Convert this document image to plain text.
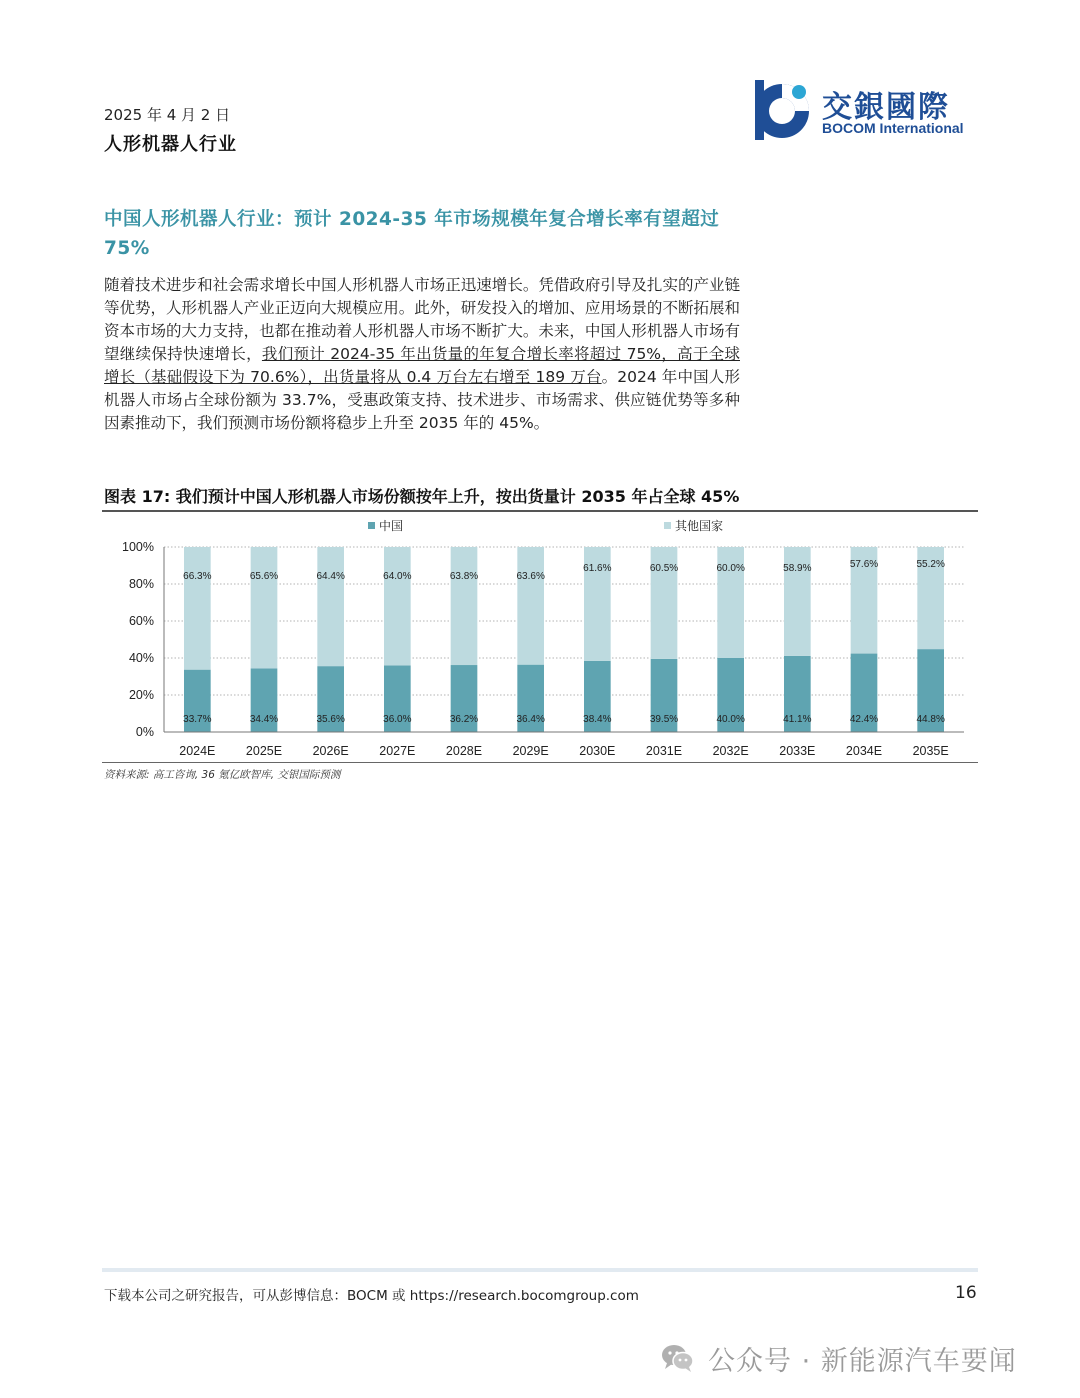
2025 年 4 月 2 日
人形机器人行业
交銀國際
BOCOM International
中国人形机器人行业：预计 2024-35 年市场规模年复合增长率有望超过 75%
随着技术进步和社会需求增长中国人形机器人市场正迅速增长。凭借政府引导及扎实的产业链等优势，人形机器人产业正迈向大规模应用。此外，研发投入的增加、应用场景的不断拓展和资本市场的大力支持，也都在推动着人形机器人市场不断扩大。未来，中国人形机器人市场有望继续保持快速增长，我们预计 2024-35 年出货量的年复合增长率将超过 75%，高于全球增长（基础假设下为 70.6%），出货量将从 0.4 万台左右增至 189 万台。2024 年中国人形机器人市场占全球份额为 33.7%，受惠政策支持、技术进步、市场需求、供应链优势等多种因素推动下，我们预测市场份额将稳步上升至 2035 年的 45%。
图表 17: 我们预计中国人形机器人市场份额按年上升，按出货量计 2035 年占全球 45%
33.7%
66.3%
34.4%
65.6%
35.6%
64.4%
36.0%
64.0%
36.2%
63.8%
36.4%
63.6%
38.4%
61.6%
39.5%
60.5%
40.0%
60.0%
41.1%
58.9%
42.4%
57.6%
44.8%
55.2%
0%
20%
40%
60%
80%
100%
2024E 2025E 2026E 2027E 2028E 2029E 2030E 2031E 2032E 2033E 2034E 2035E
中国	其他国家
资料来源: 高工咨询, 36 氪亿欧智库, 交银国际预测
下载本公司之研究报告，可从彭博信息：BOCM 或 https://research.bocomgroup.com	16
公众号 · 新能源汽车要闻
